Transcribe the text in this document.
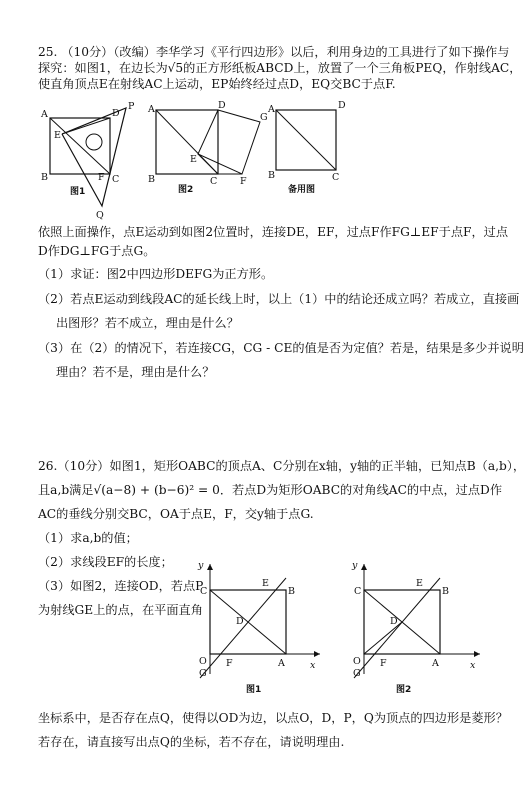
25. （10分）（改编）李华学习《平行四边形》以后，利用身边的工具进行了如下操作与
探究：如图1，在边长为√5的正方形纸板ABCD上，放置了一个三角板PEQ，作射线AC，
使直角顶点E在射线AC上运动，EP始终经过点D，EQ交BC于点F.
A	D
P
E
B	C
F
Q
图1
A	D
G
E
B	C F
图2
A	D
B	C
备用图
依照上面操作，点E运动到如图2位置时，连接DE，EF，过点F作FG⊥EF于点F，过点
D作DG⊥FG于点G。
（1）求证：图2中四边形DEFG为正方形。
（2）若点E运动到线段AC的延长线上时，以上（1）中的结论还成立吗？若成立，直接画
出图形？若不成立，理由是什么？
（3）在（2）的情况下，若连接CG，CG - CE的值是否为定值？若是，结果是多少并说明
理由？若不是，理由是什么？
26.（10分）如图1，矩形OABC的顶点A、C分别在x轴，y轴的正半轴，已知点B（a,b），
且a,b满足√(a−8) + (b−6)² = 0．若点D为矩形OABC的对角线AC的中点，过点D作
AC的垂线分别交BC，OA于点E，F，交y轴于点G.
（1）求a,b的值；
（2）求线段EF的长度；
（3）如图2，连接OD，若点P
为射线GE上的点，在平面直角
y
x
C	B
E
D
A
F
O
G
图1
y
x
C	B
E
D
A
F
O
G
图2
坐标系中，是否存在点Q，使得以OD为边，以点O，D，P，Q为顶点的四边形是菱形？
若存在，请直接写出点Q的坐标，若不存在，请说明理由.
